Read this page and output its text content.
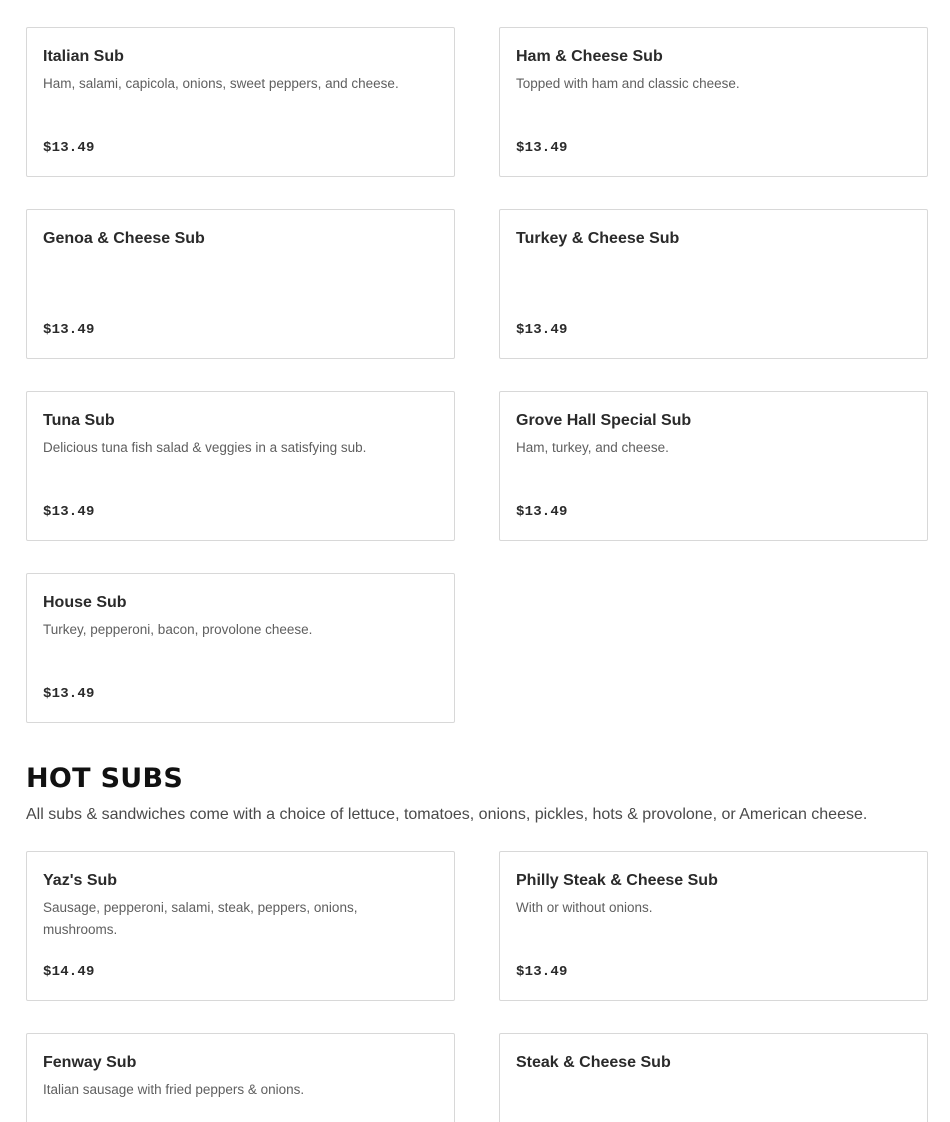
Italian Sub
Ham, salami, capicola, onions, sweet peppers, and cheese.
$13.49
Ham & Cheese Sub
Topped with ham and classic cheese.
$13.49
Genoa & Cheese Sub
$13.49
Turkey & Cheese Sub
$13.49
Tuna Sub
Delicious tuna fish salad & veggies in a satisfying sub.
$13.49
Grove Hall Special Sub
Ham, turkey, and cheese.
$13.49
House Sub
Turkey, pepperoni, bacon, provolone cheese.
$13.49
HOT SUBS
All subs & sandwiches come with a choice of lettuce, tomatoes, onions, pickles, hots & provolone, or American cheese.
Yaz's Sub
Sausage, pepperoni, salami, steak, peppers, onions, mushrooms.
$14.49
Philly Steak & Cheese Sub
With or without onions.
$13.49
Fenway Sub
Italian sausage with fried peppers & onions.
Steak & Cheese Sub
